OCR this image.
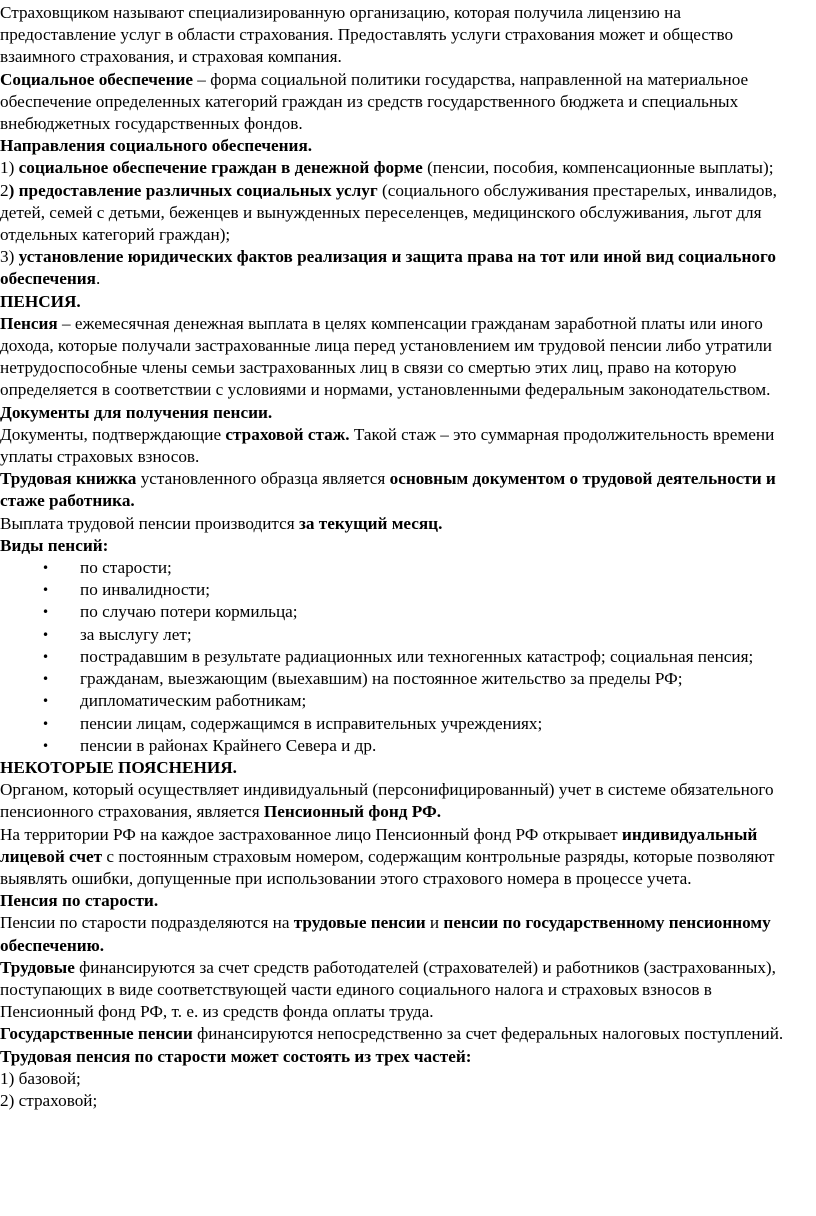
Страховщиком называют специализированную организацию, которая получила лицензию на предоставление услуг в области страхования. Предоставлять услуги страхования может и общество взаимного страхования, и страховая компания.

Социальное обеспечение – форма социальной политики государства, направленной на материальное обеспечение определенных категорий граждан из средств государственного бюджета и специальных внебюджетных государственных фондов.

Направления социального обеспечения.

1) социальное обеспечение граждан в денежной форме (пенсии, пособия, компенсационные выплаты);

2) предоставление различных социальных услуг (социального обслуживания престарелых, инвалидов, детей, семей с детьми, беженцев и вынужденных переселенцев, медицинского обслуживания, льгот для отдельных категорий граждан);

3) установление юридических фактов реализация и защита права на тот или иной вид социального обеспечения.

ПЕНСИЯ.

Пенсия – ежемесячная денежная выплата в целях компенсации гражданам заработной платы или иного дохода, которые получали застрахованные лица перед установлением им трудовой пенсии либо утратили нетрудоспособные члены семьи застрахованных лиц в связи со смертью этих лиц, право на которую определяется в соответствии с условиями и нормами, установленными федеральным законодательством.

Документы для получения пенсии.

Документы, подтверждающие страховой стаж. Такой стаж – это суммарная продолжительность времени уплаты страховых взносов.

Трудовая книжка установленного образца является основным документом о трудовой деятельности и стаже работника.

Выплата трудовой пенсии производится за текущий месяц.

Виды пенсий:

• по старости;
• по инвалидности;
• по случаю потери кормильца;
• за выслугу лет;
• пострадавшим в результате радиационных или техногенных катастроф; социальная пенсия;
• гражданам, выезжающим (выехавшим) на постоянное жительство за пределы РФ;
• дипломатическим работникам;
• пенсии лицам, содержащимся в исправительных учреждениях;
• пенсии в районах Крайнего Севера и др.

НЕКОТОРЫЕ ПОЯСНЕНИЯ.

Органом, который осуществляет индивидуальный (персонифицированный) учет в системе обязательного пенсионного страхования, является Пенсионный фонд РФ.

На территории РФ на каждое застрахованное лицо Пенсионный фонд РФ открывает индивидуальный лицевой счет с постоянным страховым номером, содержащим контрольные разряды, которые позволяют выявлять ошибки, допущенные при использовании этого страхового номера в процессе учета.

Пенсия по старости.

Пенсии по старости подразделяются на трудовые пенсии и пенсии по государственному пенсионному обеспечению.

Трудовые финансируются за счет средств работодателей (страхователей) и работников (застрахованных), поступающих в виде соответствующей части единого социального налога и страховых взносов в Пенсионный фонд РФ, т. е. из средств фонда оплаты труда.

Государственные пенсии финансируются непосредственно за счет федеральных налоговых поступлений.

Трудовая пенсия по старости может состоять из трех частей:

1) базовой;

2) страховой;
